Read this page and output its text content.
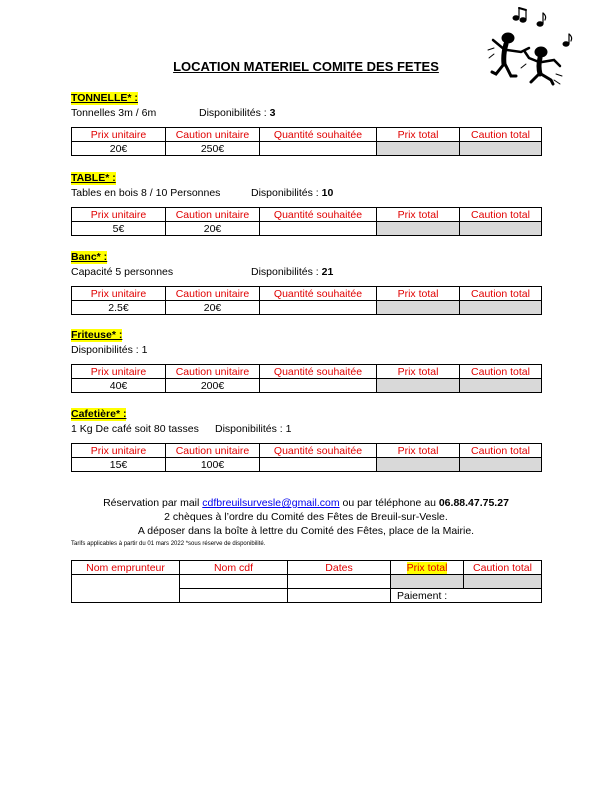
LOCATION MATERIEL COMITE DES FETES
TONNELLE* :
Tonnelles 3m / 6m	Disponibilités : 3
Prix unitaire	Caution unitaire	Quantité souhaitée	Prix total	Caution total
20€	250€			
TABLE* :
Tables en bois 8 / 10 Personnes	Disponibilités : 10
Prix unitaire	Caution unitaire	Quantité souhaitée	Prix total	Caution total
5€	20€			
Banc* :
Capacité 5 personnes	Disponibilités : 21
Prix unitaire	Caution unitaire	Quantité souhaitée	Prix total	Caution total
2.5€	20€			
Friteuse* :
Disponibilités : 1
Prix unitaire	Caution unitaire	Quantité souhaitée	Prix total	Caution total
40€	200€			
Cafetière* :
1 Kg De café soit 80 tasses Disponibilités : 1
Prix unitaire	Caution unitaire	Quantité souhaitée	Prix total	Caution total
15€	100€			
Réservation par mail cdfbreuilsurvesle@gmail.com ou par téléphone au 06.88.47.75.27
2 chèques à l’ordre du Comité des Fêtes de Breuil-sur-Vesle.
A déposer dans la boîte à lettre du Comité des Fêtes, place de la Mairie.
Tarifs applicables à partir du 01 mars 2022 *sous réserve de disponibilité.
Nom emprunteur	Nom cdf	Dates	Prix total	Caution total

			Paiement :	
